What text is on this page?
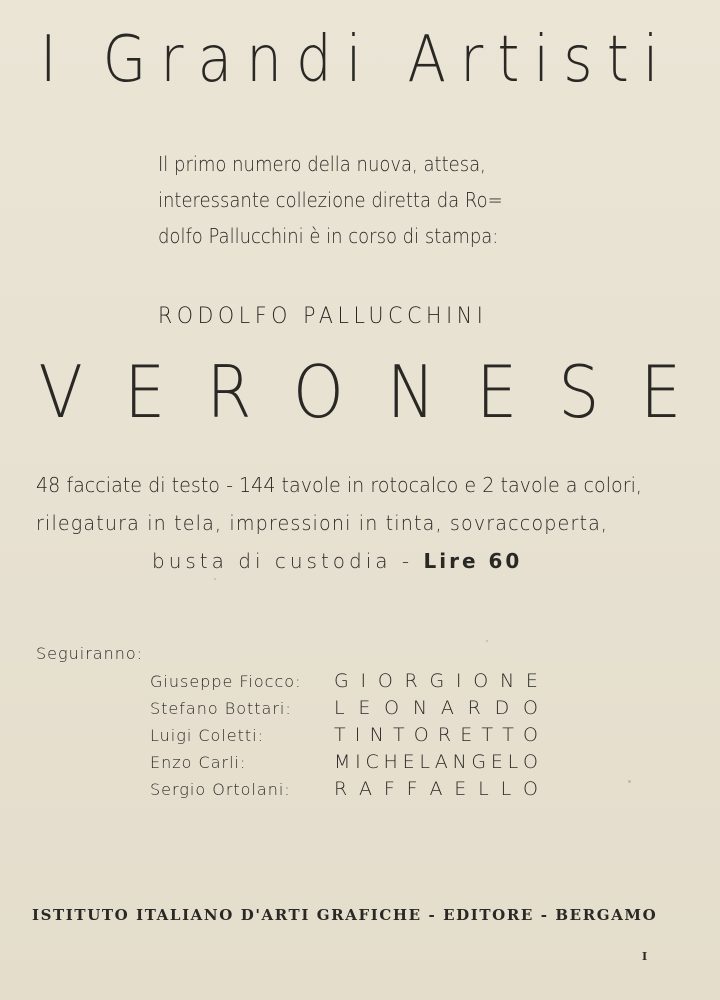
I Grandi Artisti
Il primo numero della nuova, attesa,
interessante collezione diretta da Ro=
dolfo Pallucchini è in corso di stampa:
RODOLFO PALLUCCHINI
V E R O N E S E
48 facciate di testo - 144 tavole in rotocalco e 2 tavole a colori,
rilegatura in tela, impressioni in tinta, sovraccoperta,
busta di custodia - Lire 60
Seguiranno:
Giuseppe Fiocco: G I O R G I O N E
Stefano Bottari: L E O N A R D O
Luigi Coletti:	T I N T O R E T T O
Enzo Carli:	M I C H E L A N G E L O
Sergio Ortolani: R A F F A E L L O
ISTITUTO ITALIANO D'ARTI GRAFICHE - EDITORE - BERGAMO
I
